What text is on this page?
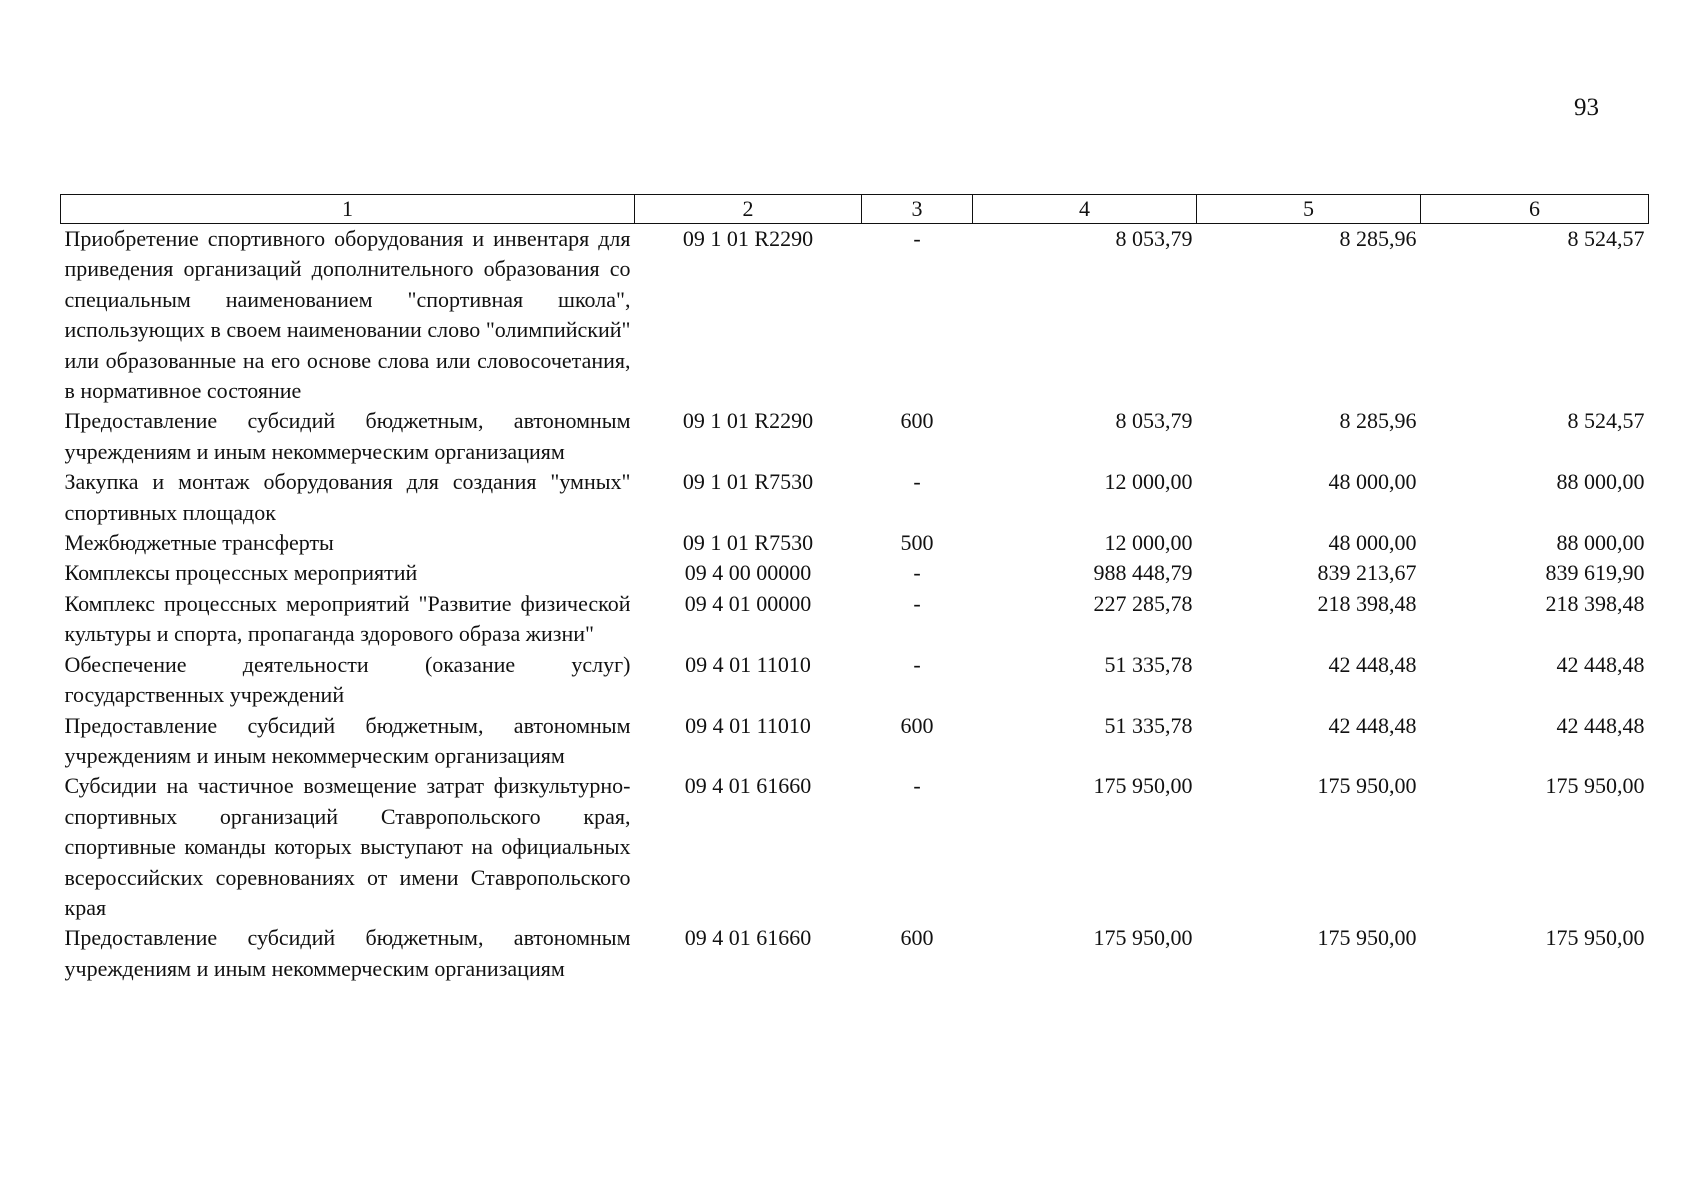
93
1	2	3	4	5	6
Приобретение спортивного оборудования и инвентаря для приведения организаций дополнительного образования со специальным наименованием "спортивная школа", использующих в своем наименовании слово "олимпийский" или образованные на его основе слова или словосочетания, в нормативное состояние	09 1 01 R2290	-	8 053,79	8 285,96	8 524,57
Предоставление субсидий бюджетным, автономным учреждениям и иным некоммерческим организациям	09 1 01 R2290	600	8 053,79	8 285,96	8 524,57
Закупка и монтаж оборудования для создания "умных" спортивных площадок	09 1 01 R7530	-	12 000,00	48 000,00	88 000,00
Межбюджетные трансферты	09 1 01 R7530	500	12 000,00	48 000,00	88 000,00
Комплексы процессных мероприятий	09 4 00 00000	-	988 448,79	839 213,67	839 619,90
Комплекс процессных мероприятий "Развитие физической культуры и спорта, пропаганда здорового образа жизни"	09 4 01 00000	-	227 285,78	218 398,48	218 398,48
Обеспечение деятельности (оказание услуг) государственных учреждений	09 4 01 11010	-	51 335,78	42 448,48	42 448,48
Предоставление субсидий бюджетным, автономным учреждениям и иным некоммерческим организациям	09 4 01 11010	600	51 335,78	42 448,48	42 448,48
Субсидии на частичное возмещение затрат физкультурно-спортивных организаций Ставропольского края, спортивные команды которых выступают на официальных всероссийских соревнованиях от имени Ставропольского края	09 4 01 61660	-	175 950,00	175 950,00	175 950,00
Предоставление субсидий бюджетным, автономным учреждениям и иным некоммерческим организациям	09 4 01 61660	600	175 950,00	175 950,00	175 950,00
